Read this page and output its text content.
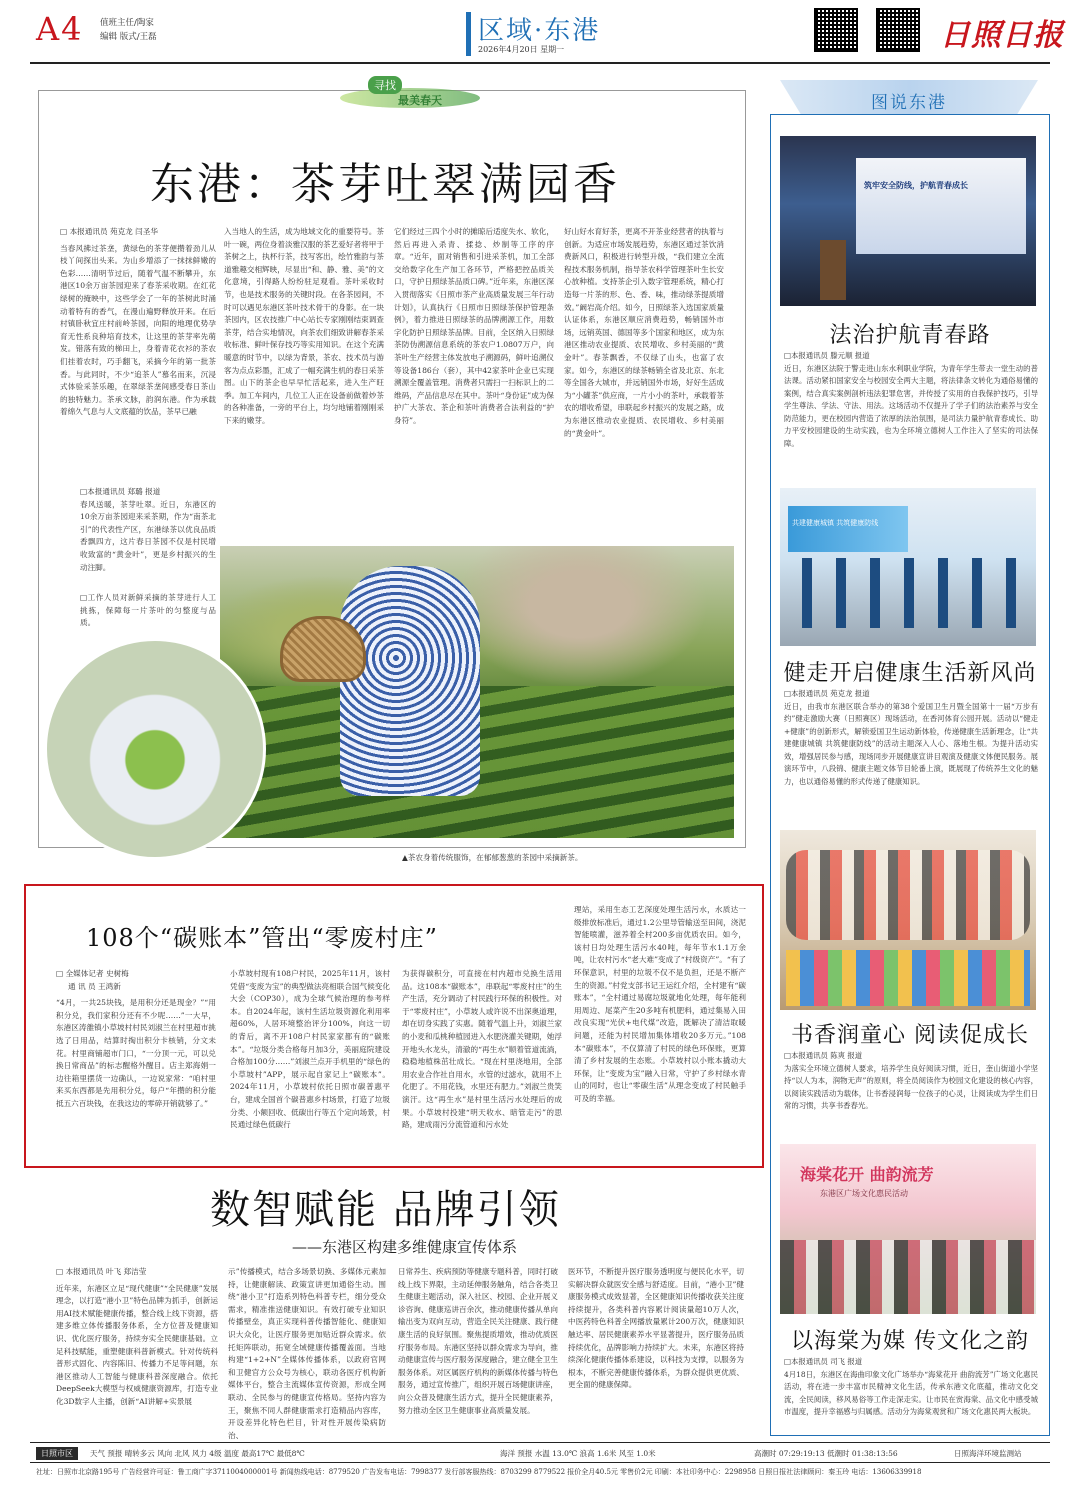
A4 值班主任/陶家
编辑 版式/王磊	区域·东港
2026年4月20日 星期一	日照日报
寻找
最美春天
东港：茶芽吐翠满园香
□ 本报通讯员 苑克龙 闫圣华
当春风拂过茶垄，黄绿色的茶芽便攒着劲儿从枝丫间探出头来。为山乡增添了一抹抹鲜嫩的色彩……清明节过后，随着气温不断攀升，东港区10余万亩茶园迎来了春茶采收期。在红花绿树的掩映中，这些学会了一年的茶树此时涌动着特有的香气，在漫山遍野释放开来。在后村镇卧秋宜庄村前岭茶园，向阳的地理优势孕育无性系良种培育技术，让这里的茶芽率先萌发。错落有致的梯田上，身着青花衣衫的茶农们挂着农时，巧手翻飞，采摘今年的第一批茶香。与此同时，不少“追茶人”慕名而来，沉浸式体验采茶乐趣，在翠绿茶垄间感受春日茶山的独特魅力。茶承文脉，韵润东港。作为承载着绵久气息与人文底蕴的饮品，茶早已融
入当地人的生活，成为地域文化的重要符号。茶叶一碗，两位身着淡雅汉服的茶艺爱好者将甲于茶树之上，执杯行茶，技写客出，绘竹雅韵与茶道雅趣交相辉映，尽显出“和、静、雅、美”的文化意境，引得路人纷纷驻足观看。茶叶采收时节，也是技术服务的关键时段。在各茶园间，不时可以遇见东港区茶叶技术骨干的身影。在一块茶园内，区农技推广中心站长专家刚刚结束调查茶芽，结合实地情况，向茶农们细致讲解春茶采收标准、鲜叶保存技巧等实用知识。在这个充满暖意的时节中，以绿为背景，茶农、技术员与游客为点点彩墨，汇成了一幅充满生机的春日采茶图。山下的茶企也早早忙活起来，进入生产旺季。加工车间内，几位工人正在设备前做着炒茶的各种准备，一旁的平台上，均匀地铺着刚刚采下来的嫩芽。
它们经过三四个小时的摊晾后适度失水、软化，然后再进入杀青、揉捻、炒制等工序的序章。“近年，面对销售和引进采茶机，加工全部交给数字化生产加工各环节，严格把控品质关口，守护日照绿茶品质口碑。”近年来，东港区深入贯彻落实《日照市茶产业高质量发展三年行动计划》，认真执行《日照市日照绿茶保护管理条例》，着力推进日照绿茶的品牌溯源工作，用数字化防护日照绿茶品牌。目前，全区纳入日照绿茶防伪溯源信息系统的茶农户1.0807万户，向茶叶生产经营主体发放电子溯源码，鲜叶追溯仪等设备186台（套），其中42家茶叶企业已实现溯源全覆盖管理。消费者只需扫一扫标识上的二维码，产品信息尽在其中。茶叶“身份证”成为保护广大茶农、茶企和茶叶消费者合法利益的“护身符”。
好山好水育好茶，更离不开茶业经营者的执着与创新。为适应市场发展趋势，东港区通过茶饮消费新风口，积极进行转型升级，“我们建立全流程技术服务机制，指导茶农科学管理茶叶生长安心放种植。支持茶企引入数字管理系统，精心打造每一片茶的形、色、香、味，推动绿茶提质增效。”阚岩高介绍。如今，日照绿茶入选国家质量认证体系，东港区顺应消费趋势，畅销国外市场，远销英国、德国等多个国家和地区，成为东港区推动农业提质、农民增收、乡村美丽的“黄金叶”。春茶飘香，不仅绿了山头，也富了农家。如今，东港区的绿茶畅销全省及北京、东北等全国各大城市，并远销国外市场，好好生活成为“小罐茶”供应商，一片小小的茶叶，承载着茶农的增收希望，串联起乡村振兴的发展之路，成为东港区推动农业提质、农民增收、乡村美丽的“黄金叶”。
□本报通讯员 郑璐 报道
春风送暖，茶芽吐翠。近日，东港区的10余万亩茶园迎来采茶期，作为“南茶北引”的代表性产区，东港绿茶以优良品质香飘四方，这片春日茶园不仅是村民增收致富的“黄金叶”，更是乡村振兴的生动注脚。
□工作人员对新鲜采摘的茶芽进行人工挑拣，保障每一片茶叶的匀整度与品质。
▲茶农身着传统服饰，在郁郁葱葱的茶园中采摘新茶。
108个“碳账本”管出“零废村庄”
□ 全媒体记者 史树梅
通 讯 员 王鸿新
“4月，一共25块钱，是用积分还是现金？”“用积分兑，我们家积分还有不少呢……”一大早，东港区涛雒镇小草坡村村民刘淑兰在村里超市挑选了日用品，结算时掏出积分卡核销，分文未花。村里商铺超市门口，“一分顶一元，可以兑换日常商品”的标志醒格外醒目。店主郑海娟一边往箱里摆货一边确认，一边说家常：“咱村里来买东西都是先用积分兑，每户“年攒的积分能抵五六百块钱，在我这边的零碎开销就够了。”
小草坡村现有108户村民，2025年11月，该村凭借“变废为宝”的典型做法亮相联合国气候变化大会（COP30），成为全球气候治理的参考样本。自2024年起，该村生活垃圾资源化利用率超60%，人居环境整治评分100%，向这一切的背后，离不开108户村民家家都有的“碳账本”。“垃圾分类合格每月加3分，美丽庭院建设合格加100分……”刘淑兰点开手机里的“绿色的小草坡村”APP，展示起自家记上“碳账本”。2024年11月，小草坡村依托日照市碳普惠平台，建成全国首个碳普惠乡村场景，打造了垃圾分类、小额回收、低碳出行等五个定向场景，村民通过绿色低碳行
为获得碳积分，可直接在村内超市兑换生活用品。这108本“碳账本”，串联起“零废村庄”的生产生活，充分调动了村民践行环保的积极性。对于“零废村庄”，小草坡人或许说不出深奥道理，却在切身实践了实惠。随着气温上升，刘淑兰家的小麦和瓜桃种植园进入水肥浇灌关键期，她浮开地头水龙头，清澈的“再生水”顺着管道流淌，稳稳地植株茁壮成长。“现在村里浇地用，全部用农业合作社自用水，水管的过滤水，就用不上化肥了。不用花钱，水里还有肥力。”刘淑兰贵笑演汗。这“再生水”是村里生活污水处理后的成果。小草坡村投建“明天收水、暗管走污”的思路，建成雨污分流管道和污水处
理站，采用生态工艺深度处理生活污水，水质达一级排放标准后，通过1.2公里导管输送至田间，浇泥智能喷灌，滋养着全村200多亩优质农田。如今，该村日均处理生活污水40吨，每年节水1.1万余吨，让农村污水“老大难”变成了“村级资产”。“有了环保意识，村里的垃圾不仅不是负担，还是不断产生的资源。”村党支部书记王运红介绍，全村建有“碳账本”，“全村通过易腐垃圾就地化处理，每年能利用周边、尾菜产生20多吨有机肥料，通过集易入田改良实现“光伏+电代煤”改造，既解决了清洁取暖问题，还能为村民增加集体增收20多万元。”108本“碳账本”，不仅算清了村民的绿色环保账，更算清了乡村发展的生态账。小草坡村以小账本撬动大环保，让“变废为宝”融入日常，守护了乡村绿水青山的同时，也让“零碳生活”从理念变成了村民触手可及的幸福。
数智赋能 品牌引领
——东港区构建多维健康宣传体系
□ 本报通讯员 叶飞 郑洁莹
近年来，东港区立足“现代健康”“全民健康”发展理念，以打造“港小卫”特色品牌为抓手，创新运用AI技术赋能健康传播，整合线上线下资源，搭建多维立体传播服务体系，全方位普及健康知识、优化医疗服务，持续夯实全民健康基础。立足科技赋能，重塑健康科普新模式。针对传统科普形式固化、内容陈旧、传播力不足等问题，东港区推动人工智能与健康科普深度融合。依托DeepSeek大模型与权威健康资源库，打造专业化3D数字人主播，创新“AI讲解+实景展
示”传播模式，结合多场景切换、多媒体元素加持，让健康解读、政策宣讲更加通俗生动。围绕“港小卫”打造系列特色科普专栏，细分受众需求，精准推送健康知识。有效打破专业知识传播壁垒，真正实现科普传播智能化、健康知识大众化，让医疗服务更加贴近群众需求。依托矩阵联动，拓宽全域健康传播覆盖面。当地构建“1+2+N”全媒体传播体系，以政府官网和卫健官方公众号为核心，联动各医疗机构新媒体平台，整合主流媒体宣传资源，形成全网联动、全民参与的健康宣传格局。坚持内容为王，聚焦不同人群健康需求打造精品内容库，开设差异化特色栏目，针对性开展传染病防治、
日常养生、疾病预防等健康专题科普，同时打破线上线下界限，主动延伸服务触角，结合各类卫生健康主题活动，深入社区、校园、企业开展义诊咨询、健康巡讲百余次，推动健康传播从单向输出变为双向互动，营造全民关注健康、践行健康生活的良好氛围。聚焦提质增效，推动优质医疗服务布局。东港区坚持以群众需求为导向，推动健康宣传与医疗服务深度融合，建立健全卫生服务体系。对区属医疗机构的新媒体传播与特色服务，通过宣传推广，组织开展百场健康讲座，向公众普及健康生活方式，提升全民健康素养，努力推动全区卫生健康事业高质量发展。
医环节，不断提升医疗服务透明度与便民化水平，切实解决群众就医安全感与舒适度。目前，“港小卫”健康服务模式成效显著，全区健康知识传播收获关注度持续提升，各类科普内容累计阅读量超10万人次，中医药特色科普全网播放量累计200万次，健康知识触达率、居民健康素养水平显著提升，医疗服务品质持续优化，品牌影响力持续扩大。未来，东港区将持续深化健康传播体系建设，以科技为支撑，以服务为根本，不断完善健康传播体系，为群众提供更优质、更全面的健康保障。
图说东港
筑牢安全防线，护航青春成长
法治护航青春路
□本报通讯员 滕元顺 报道
近日，东港区法院于警走进山东水利职业学院，为青年学生带去一堂生动的普法课。活动紧扣国家安全与校园安全两大主题，将法律条文转化为通俗易懂的案例，结合真实案例剖析违法犯罪危害，并传授了实用的自我保护技巧，引导学生尊法、学法、守法、用法。这场活动不仅提升了学子们的法治素养与安全防范能力，更在校园内营造了浓厚的法治氛围，是司法力量护航青春成长、助力平安校园建设的生动实践，也为全环境立德树人工作注入了坚实的司法保障。
共建健康城镇 共筑健康防线
健走开启健康生活新风尚
□本报通讯员 苑克龙 报道
近日，由我市东港区联合举办的第38个爱国卫生月暨全国第十一届“万步有约”健走激励大赛（日照赛区）现场活动，在香河体育公园开展。活动以“健走+健康”的创新形式，解锁爱国卫生运动新体验，传递健康生活新理念，让“共建健康城镇 共筑健康防线”的活动主题深入人心、落地生根。为提升活动实效，增强居民参与感，现场同步开展健康宣讲目观演及健康文体便民服务。展演环节中，八段锦、健康主题文体节目轮番上演，既展现了传统养生文化的魅力，也以通俗易懂的形式传递了健康知识。
书香润童心 阅读促成长
□本报通讯员 陈爽 报道
为落实全环境立德树人要求，培养学生良好阅读习惯，近日，奎山街道小学坚持“以人为本，润物无声”的原则，将全员阅读作为校园文化建设的核心内容，以阅读实践活动为载体，让书香浸润每一位孩子的心灵，让阅读成为学生们日常的习惯，共享书香春光。
海棠花开 曲韵流芳
东港区广场文化惠民活动
以海棠为媒 传文化之韵
□本报通讯员 司飞 报道
4月18日，东港区在海曲印象文化广场举办“海棠花开 曲韵流芳”广场文化惠民活动，将在进一步丰富市民精神文化生活，传承东港文化底蕴，推动文化交流，全民阅读，移风易俗等工作走深走实。让市民在赏海棠、品文化中感受城市温度，提升幸福感与归属感。活动分为海棠观赏和广场文化惠民两大板块。
日照市区	天气 预报 晴转多云 风向 北风 风力 4级 温度 最高17℃ 最低8℃	海洋 预报 水温 13.0℃ 浪高 1.6米 风至 1.0米	高潮时 07:29:19:13 低潮时 01:38:13:56	日照海洋环境监测站
社址：日照市北京路195号 广告经营许可证：鲁工商广字3711004000001号 新闻热线电话：8779520 广告发布电话：7998377 发行部客服热线：8703299 8779522 报价全月40.5元 零售价2元 印刷：本社印务中心：2298958 日照日报社法律顾问：秦玉玲 电话：13606339918
